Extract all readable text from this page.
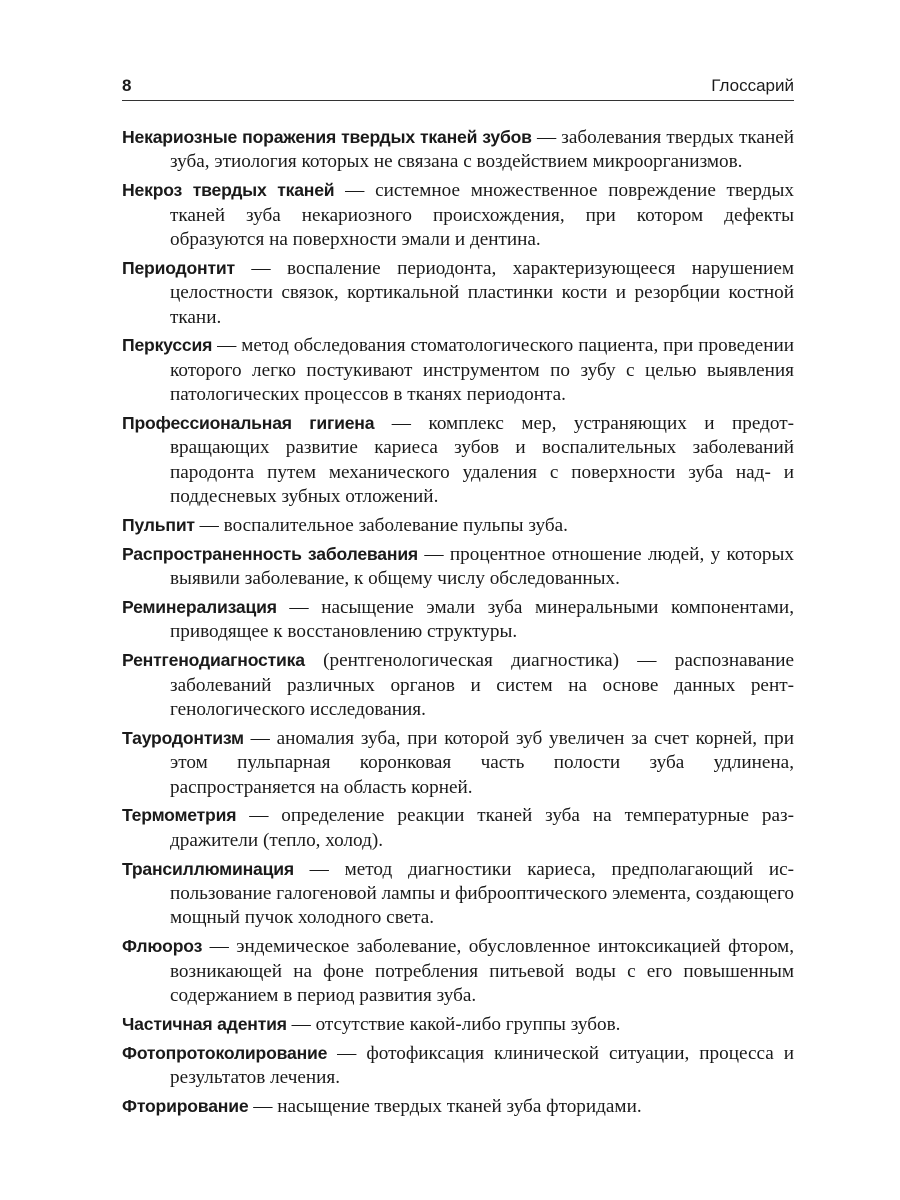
8	Глоссарий

Некариозные поражения твердых тканей зубов — заболевания твердых тканей зуба, этиология которых не связана с воздействием микроорганизмов.

Некроз твердых тканей — системное множественное повреждение твердых тканей зуба некариозного происхождения, при котором дефекты образуются на поверхности эмали и дентина.

Периодонтит — воспаление периодонта, характеризующееся нарушением целостности связок, кортикальной пластинки кости и резорбции костной ткани.

Перкуссия — метод обследования стоматологического пациента, при проведении которого легко постукивают инструментом по зубу с целью выявления патологических процессов в тканях периодонта.

Профессиональная гигиена — комплекс мер, устраняющих и предотвращающих развитие кариеса зубов и воспалительных заболеваний пародонта путем механического удаления с поверхности зуба над- и поддесневых зубных отложений.

Пульпит — воспалительное заболевание пульпы зуба.

Распространенность заболевания — процентное отношение людей, у которых выявили заболевание, к общему числу обследованных.

Реминерализация — насыщение эмали зуба минеральными компонентами, приводящее к восстановлению структуры.

Рентгенодиагностика (рентгенологическая диагностика) — распознавание заболеваний различных органов и систем на основе данных рентгенологического исследования.

Тауродонтизм — аномалия зуба, при которой зуб увеличен за счет корней, при этом пульпарная коронковая часть полости зуба удлинена, распространяется на область корней.

Термометрия — определение реакции тканей зуба на температурные раздражители (тепло, холод).

Трансиллюминация — метод диагностики кариеса, предполагающий использование галогеновой лампы и фиброоптического элемента, создающего мощный пучок холодного света.

Флюороз — эндемическое заболевание, обусловленное интоксикацией фтором, возникающей на фоне потребления питьевой воды с его повышенным содержанием в период развития зуба.

Частичная адентия — отсутствие какой-либо группы зубов.

Фотопротоколирование — фотофиксация клинической ситуации, процесса и результатов лечения.

Фторирование — насыщение твердых тканей зуба фторидами.
